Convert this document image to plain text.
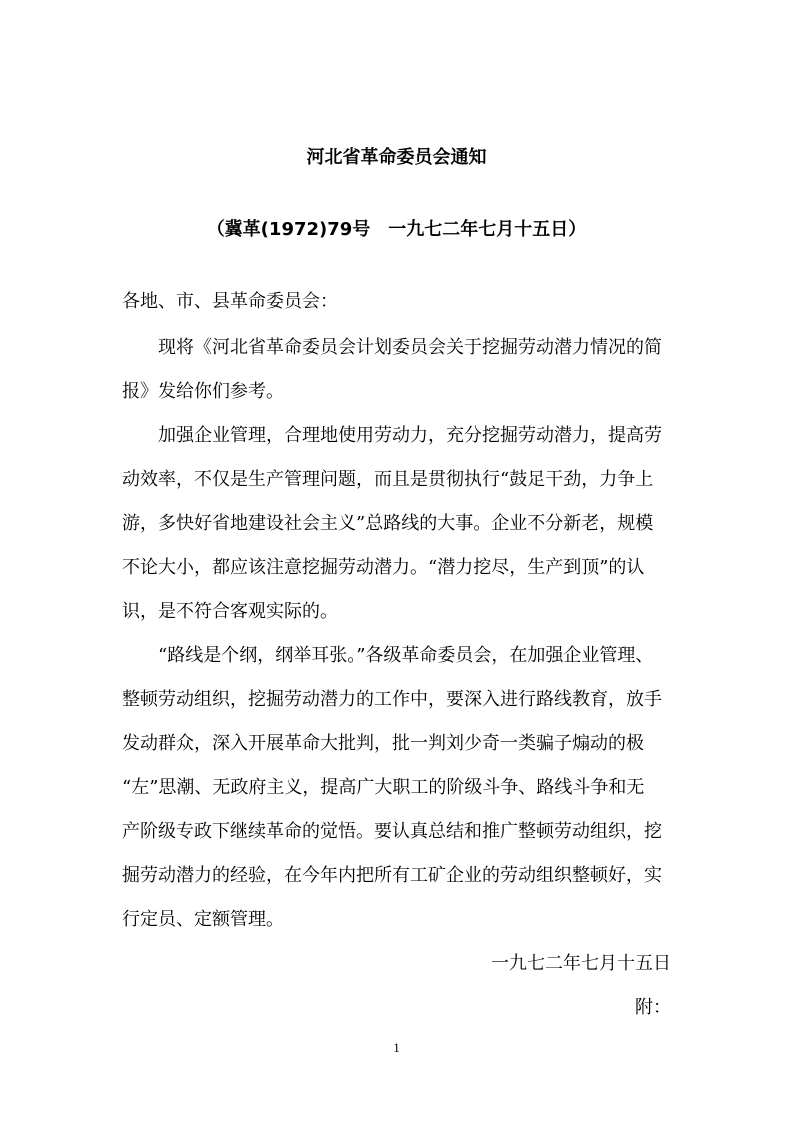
河北省革命委员会通知
（冀革(1972)79号　一九七二年七月十五日）
各地、市、县革命委员会：
现将《河北省革命委员会计划委员会关于挖掘劳动潜力情况的简
报》发给你们参考。
加强企业管理，合理地使用劳动力，充分挖掘劳动潜力，提高劳
动效率，不仅是生产管理问题，而且是贯彻执行“鼓足干劲，力争上
游，多快好省地建设社会主义”总路线的大事。企业不分新老，规模
不论大小，都应该注意挖掘劳动潜力。“潜力挖尽，生产到顶”的认
识，是不符合客观实际的。
“路线是个纲，纲举耳张。”各级革命委员会，在加强企业管理、
整顿劳动组织，挖掘劳动潜力的工作中，要深入进行路线教育，放手
发动群众，深入开展革命大批判，批一判刘少奇一类骗子煽动的极
“左”思潮、无政府主义，提高广大职工的阶级斗争、路线斗争和无
产阶级专政下继续革命的觉悟。要认真总结和推广整顿劳动组织，挖
掘劳动潜力的经验，在今年内把所有工矿企业的劳动组织整顿好，实
行定员、定额管理。
一九七二年七月十五日
附：
1
